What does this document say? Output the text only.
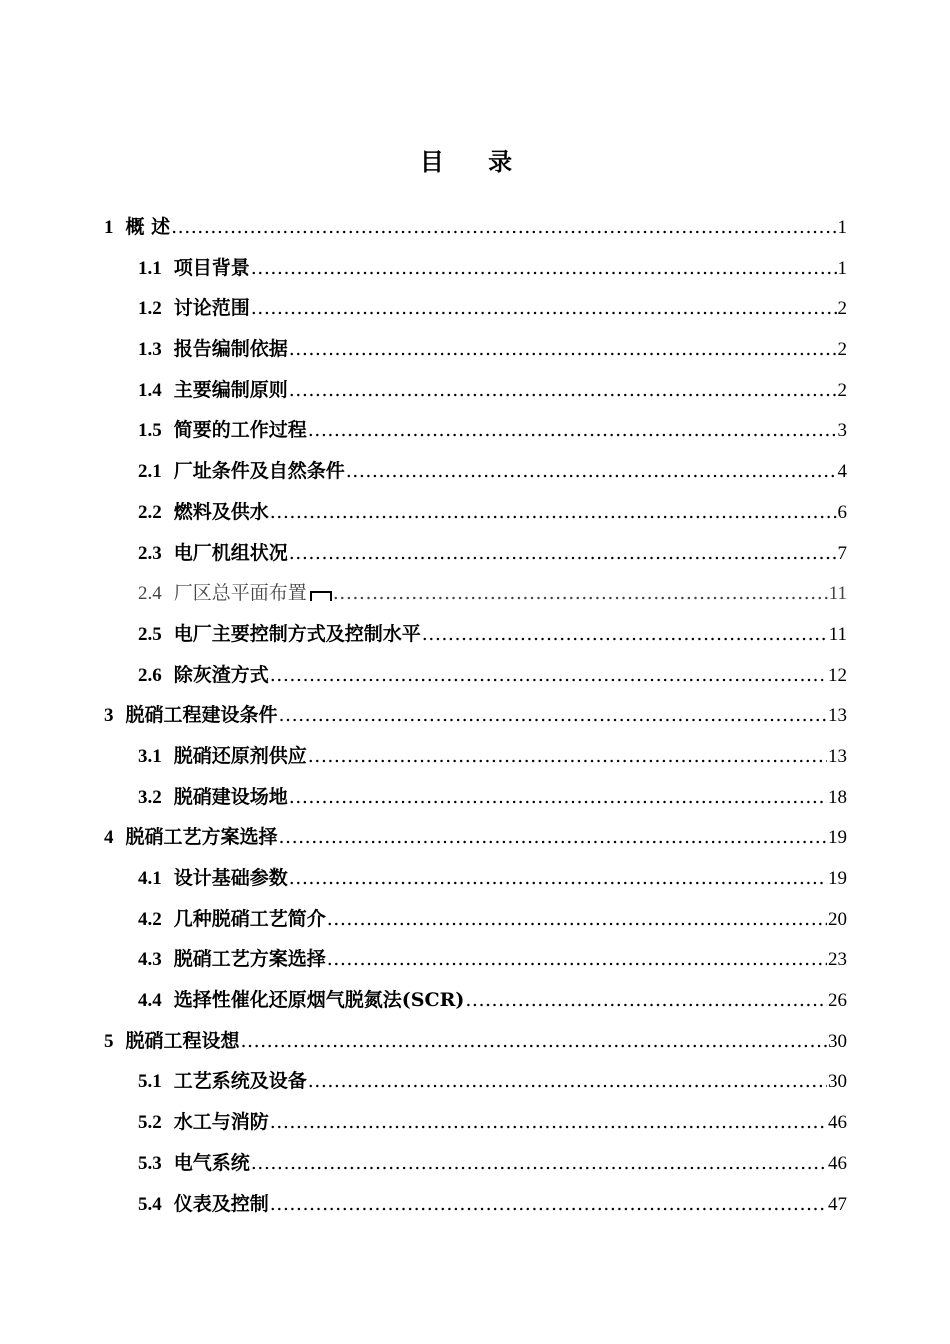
目 录
1 概 述 .....	1
1.1 项目背景 .....	1
1.2 讨论范围 .....	2
1.3 报告编制依据 .....	2
1.4 主要编制原则 .....	2
1.5 简要的工作过程 .....	3
2.1 厂址条件及自然条件 .....	4
2.2 燃料及供水 .....	6
2.3 电厂机组状况 .....	7
2.4 厂区总平面布置 .....	11
2.5 电厂主要控制方式及控制水平 .....	11
2.6 除灰渣方式 .....	12
3 脱硝工程建设条件 .....	13
3.1 脱硝还原剂供应 .....	13
3.2 脱硝建设场地 .....	18
4 脱硝工艺方案选择 .....	19
4.1 设计基础参数 .....	19
4.2 几种脱硝工艺简介 .....	20
4.3 脱硝工艺方案选择 .....	23
4.4 选择性催化还原烟气脱氮法(SCR) .....	26
5 脱硝工程设想 .....	30
5.1 工艺系统及设备 .....	30
5.2 水工与消防 .....	46
5.3 电气系统 .....	46
5.4 仪表及控制 .....	47
